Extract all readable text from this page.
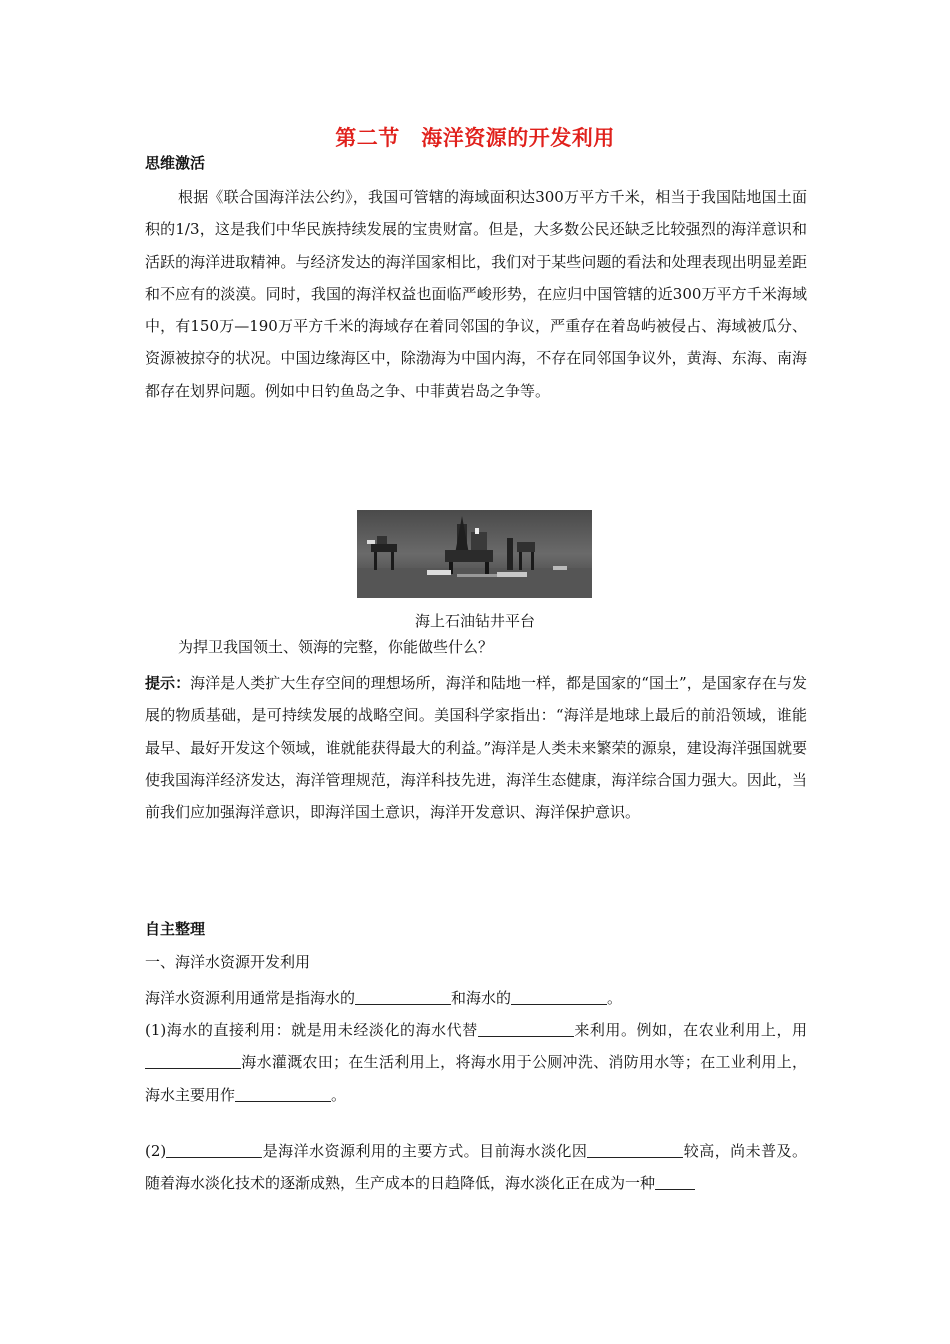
第二节　海洋资源的开发利用
思维激活
根据《联合国海洋法公约》，我国可管辖的海域面积达300万平方千米，相当于我国陆地国土面积的1/3，这是我们中华民族持续发展的宝贵财富。但是，大多数公民还缺乏比较强烈的海洋意识和活跃的海洋进取精神。与经济发达的海洋国家相比，我们对于某些问题的看法和处理表现出明显差距和不应有的淡漠。同时，我国的海洋权益也面临严峻形势，在应归中国管辖的近300万平方千米海域中，有150万—190万平方千米的海域存在着同邻国的争议，严重存在着岛屿被侵占、海域被瓜分、资源被掠夺的状况。中国边缘海区中，除渤海为中国内海，不存在同邻国争议外，黄海、东海、南海都存在划界问题。例如中日钓鱼岛之争、中菲黄岩岛之争等。
海上石油钻井平台
为捍卫我国领土、领海的完整，你能做些什么？
提示：海洋是人类扩大生存空间的理想场所，海洋和陆地一样，都是国家的“国土”，是国家存在与发展的物质基础，是可持续发展的战略空间。美国科学家指出：“海洋是地球上最后的前沿领域，谁能最早、最好开发这个领域，谁就能获得最大的利益。”海洋是人类未来繁荣的源泉，建设海洋强国就要使我国海洋经济发达，海洋管理规范，海洋科技先进，海洋生态健康，海洋综合国力强大。因此，当前我们应加强海洋意识，即海洋国土意识，海洋开发意识、海洋保护意识。
自主整理
一、海洋水资源开发利用
海洋水资源利用通常是指海水的	和海水的	。
(1)海水的直接利用：就是用未经淡化的海水代替	来利用。例如，在农业利用上，用海水灌溉农田；在生活利用上，将海水用于公厕冲洗、消防用水等；在工业利用上，海水主要用作	。
(2)	是海洋水资源利用的主要方式。目前海水淡化因	较高，尚未普及。随着海水淡化技术的逐渐成熟，生产成本的日趋降低，海水淡化正在成为一种
